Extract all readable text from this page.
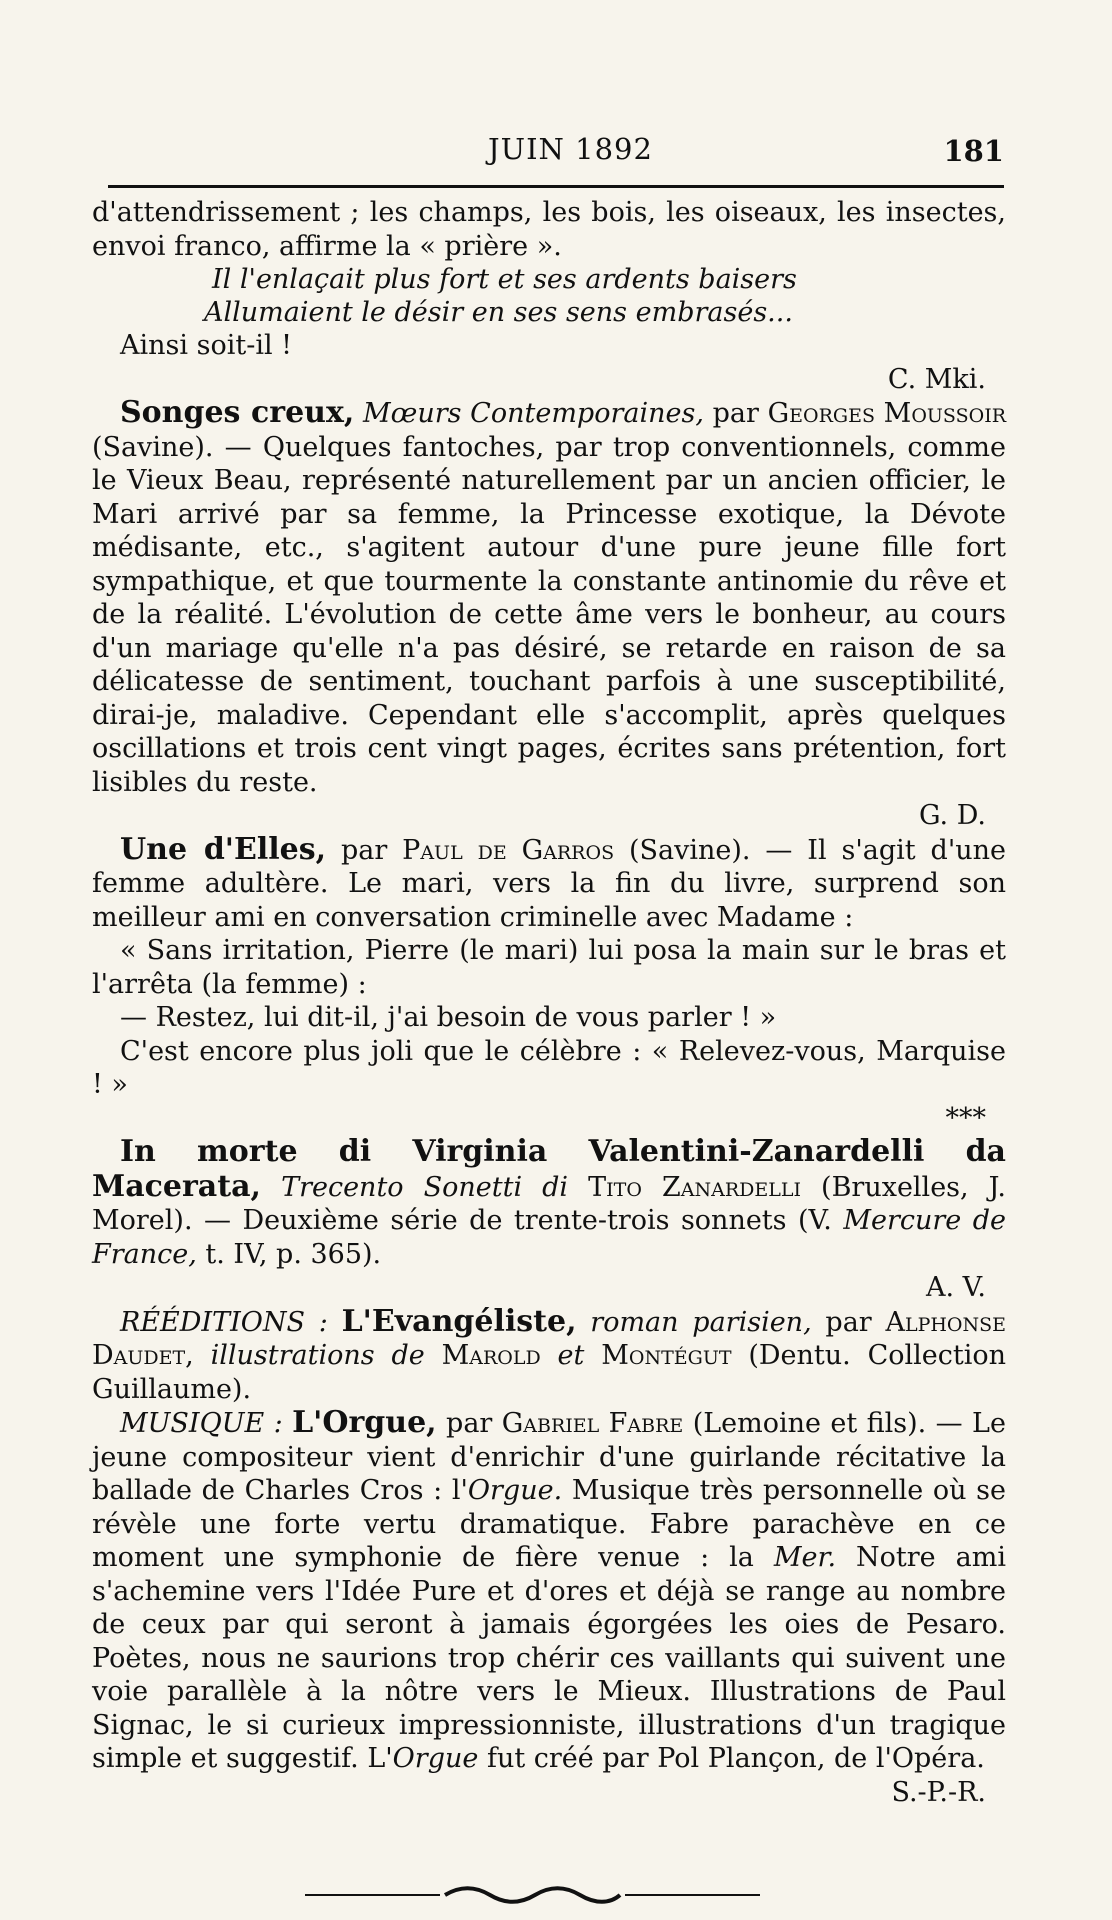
JUIN 1892	181

d'attendrissement ; les champs, les bois, les oiseaux, les insectes, envoi franco, affirme la « prière ».

Il l'enlaçait plus fort et ses ardents baisers

Allumaient le désir en ses sens embrasés...

Ainsi soit-il !

C. Mki.

Songes creux, Mœurs Contemporaines, par Georges Moussoir (Savine). — Quelques fantoches, par trop conventionnels, comme le Vieux Beau, représenté naturellement par un ancien officier, le Mari arrivé par sa femme, la Princesse exotique, la Dévote médisante, etc., s'agitent autour d'une pure jeune fille fort sympathique, et que tourmente la constante antinomie du rêve et de la réalité. L'évolution de cette âme vers le bonheur, au cours d'un mariage qu'elle n'a pas désiré, se retarde en raison de sa délicatesse de sentiment, touchant parfois à une susceptibilité, dirai-je, maladive. Cependant elle s'accomplit, après quelques oscillations et trois cent vingt pages, écrites sans prétention, fort lisibles du reste.

G. D.

Une d'Elles, par Paul de Garros (Savine). — Il s'agit d'une femme adultère. Le mari, vers la fin du livre, surprend son meilleur ami en conversation criminelle avec Madame :

« Sans irritation, Pierre (le mari) lui posa la main sur le bras et l'arrêta (la femme) :

— Restez, lui dit-il, j'ai besoin de vous parler ! »

C'est encore plus joli que le célèbre : « Relevez-vous, Marquise ! »

***

In morte di Virginia Valentini-Zanardelli da Macerata, Trecento Sonetti di Tito Zanardelli (Bruxelles, J. Morel). — Deuxième série de trente-trois sonnets (V. Mercure de France, t. IV, p. 365).

A. V.

RÉÉDITIONS : L'Evangéliste, roman parisien, par Alphonse Daudet, illustrations de Marold et Montégut (Dentu. Collection Guillaume).

MUSIQUE : L'Orgue, par Gabriel Fabre (Lemoine et fils). — Le jeune compositeur vient d'enrichir d'une guirlande récitative la ballade de Charles Cros : l'Orgue. Musique très personnelle où se révèle une forte vertu dramatique. Fabre parachève en ce moment une symphonie de fière venue : la Mer. Notre ami s'achemine vers l'Idée Pure et d'ores et déjà se range au nombre de ceux par qui seront à jamais égorgées les oies de Pesaro. Poètes, nous ne saurions trop chérir ces vaillants qui suivent une voie parallèle à la nôtre vers le Mieux. Illustrations de Paul Signac, le si curieux impressionniste, illustrations d'un tragique simple et suggestif. L'Orgue fut créé par Pol Plançon, de l'Opéra.

S.-P.-R.
